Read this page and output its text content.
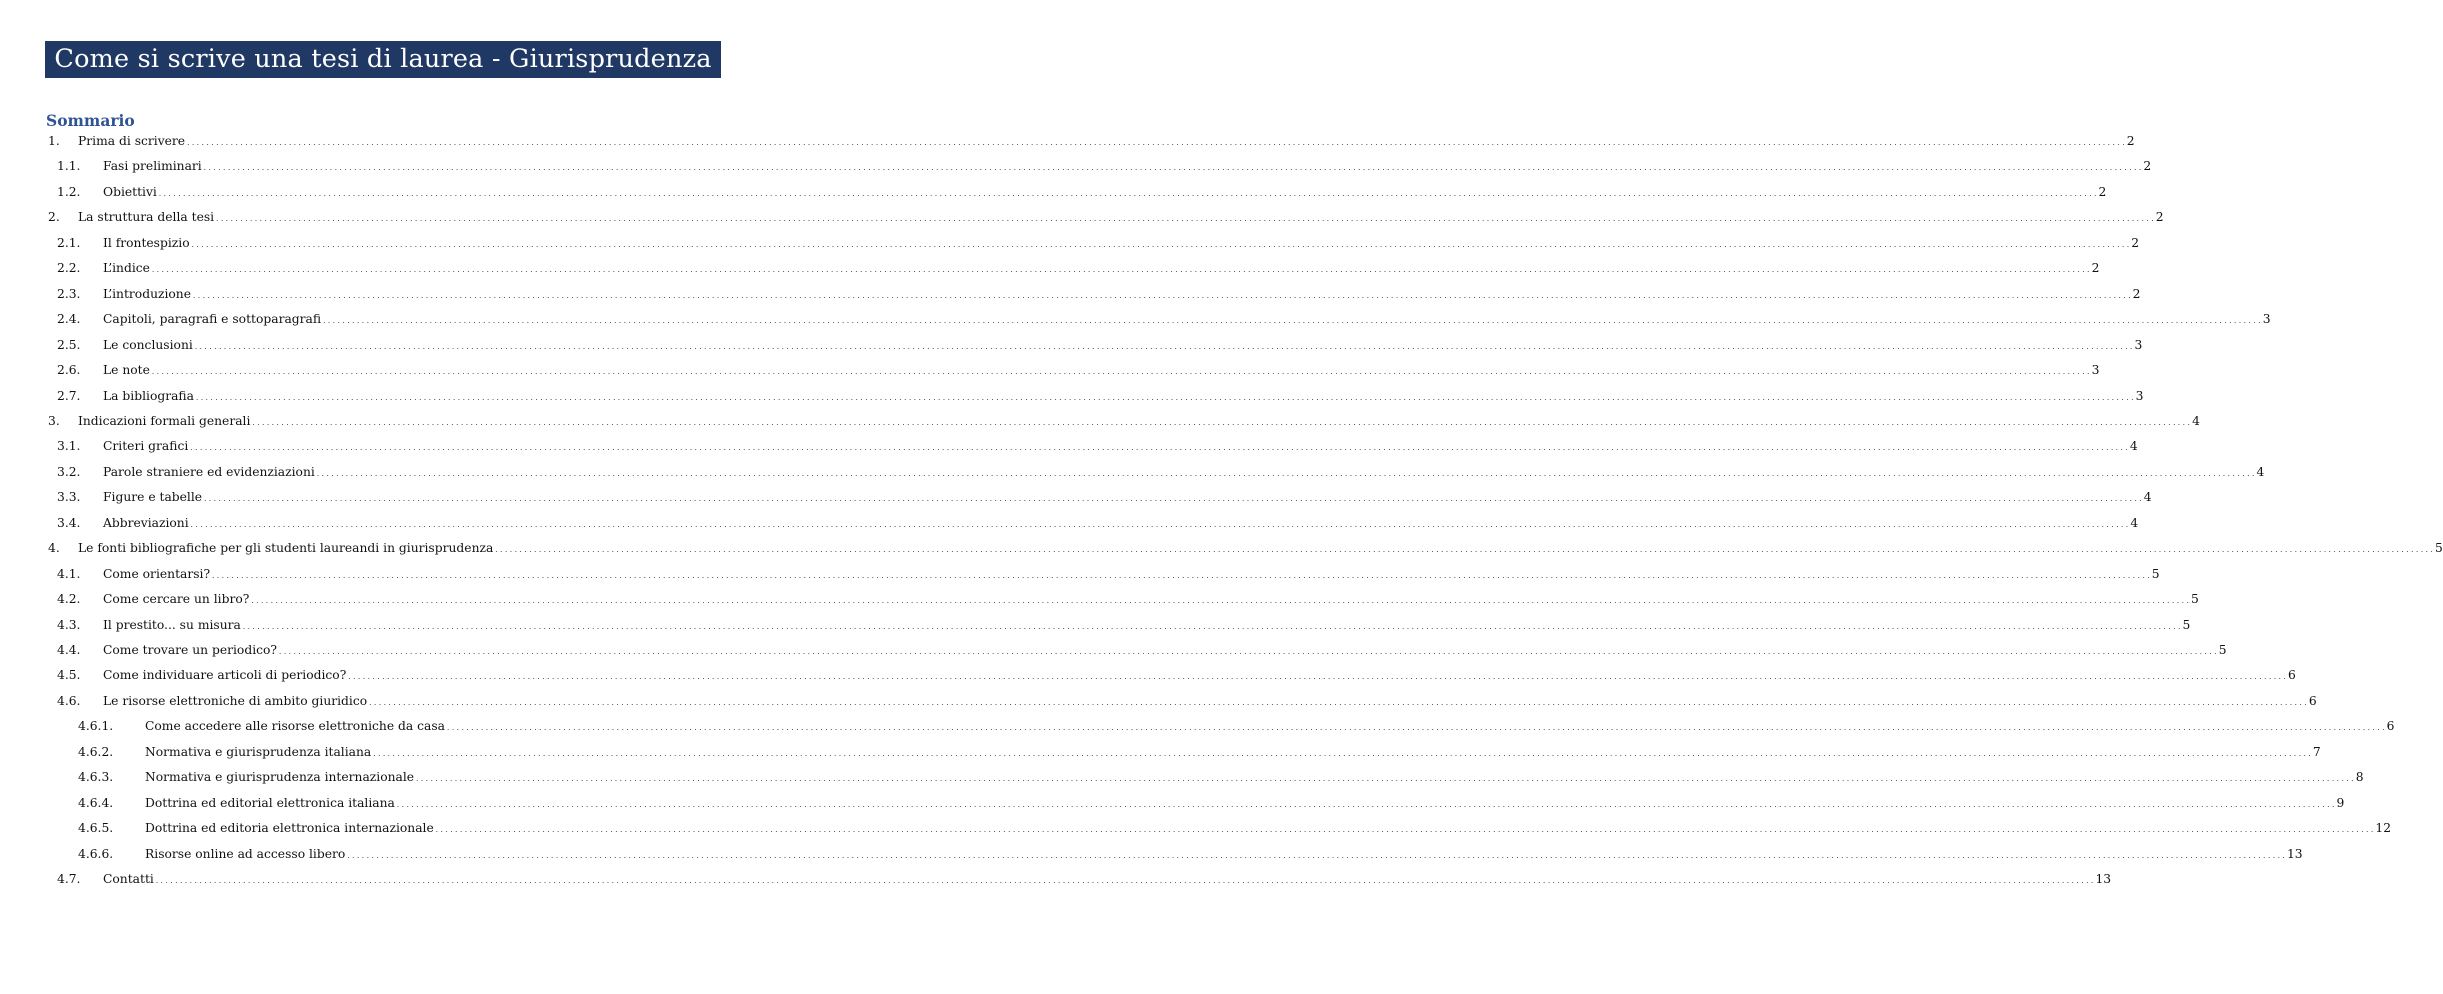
Come si scrive una tesi di laurea - Giurisprudenza
Sommario
1.	Prima di scrivere . . . . . . . . . . . . . . . . . . . . . . . . . . . . . . . . . . . . . . . . . . . . . . . . . . . . . . . . . . . . . . . . . . . . . . . . . . . . . . . . . . . . . . . . . . . . . . . . . . . . . . . . . . . . . . . . . . . . . . . . . . . . . . . . . . . . . . . . . . . . . . . . . . . . . . . . . . . . . . . . . . . . . . . . . . . . . . . . . . . . . . . . . . . . . . . . . . . . . . . . . . . . . . . . . . . . . . . . . . . . . . . . . . . . . . . . . . . . . . . . . . . . . . . . . . . . . . . . . . . . . . . . . . . . . . . . . . . . . . . . . . . . . . . . . . . . . . . . . . . . . . . . . . . . . . . . . . . . . . . . . . . . . . . . . . . . . . . . . . . . . . . . . . . . . . . . . . . . . . . . . . . . . . . . . . . . . . . . . . . . . . . . . . . . . . . . . . . . . . . . 2
1.1.	Fasi preliminari . . . . . . . . . . . . . . . . . . . . . . . . . . . . . . . . . . . . . . . . . . . . . . . . . . . . . . . . . . . . . . . . . . . . . . . . . . . . . . . . . . . . . . . . . . . . . . . . . . . . . . . . . . . . . . . . . . . . . . . . . . . . . . . . . . . . . . . . . . . . . . . . . . . . . . . . . . . . . . . . . . . . . . . . . . . . . . . . . . . . . . . . . . . . . . . . . . . . . . . . . . . . . . . . . . . . . . . . . . . . . . . . . . . . . . . . . . . . . . . . . . . . . . . . . . . . . . . . . . . . . . . . . . . . . . . . . . . . . . . . . . . . . . . . . . . . . . . . . . . . . . . . . . . . . . . . . . . . . . . . . . . . . . . . . . . . . . . . . . . . . . . . . . . . . . . . . . . . . . . . . . . . . . . . . . . . . . . . . . . . . . . . . . . . . . . . . . . . . . . . 2
1.2.	Obiettivi . . . . . . . . . . . . . . . . . . . . . . . . . . . . . . . . . . . . . . . . . . . . . . . . . . . . . . . . . . . . . . . . . . . . . . . . . . . . . . . . . . . . . . . . . . . . . . . . . . . . . . . . . . . . . . . . . . . . . . . . . . . . . . . . . . . . . . . . . . . . . . . . . . . . . . . . . . . . . . . . . . . . . . . . . . . . . . . . . . . . . . . . . . . . . . . . . . . . . . . . . . . . . . . . . . . . . . . . . . . . . . . . . . . . . . . . . . . . . . . . . . . . . . . . . . . . . . . . . . . . . . . . . . . . . . . . . . . . . . . . . . . . . . . . . . . . . . . . . . . . . . . . . . . . . . . . . . . . . . . . . . . . . . . . . . . . . . . . . . . . . . . . . . . . . . . . . . . . . . . . . . . . . . . . . . . . . . . . . . . . . . . . . . . . . . . . . . . . . . . . 2
2.	La struttura della tesi . . . . . . . . . . . . . . . . . . . . . . . . . . . . . . . . . . . . . . . . . . . . . . . . . . . . . . . . . . . . . . . . . . . . . . . . . . . . . . . . . . . . . . . . . . . . . . . . . . . . . . . . . . . . . . . . . . . . . . . . . . . . . . . . . . . . . . . . . . . . . . . . . . . . . . . . . . . . . . . . . . . . . . . . . . . . . . . . . . . . . . . . . . . . . . . . . . . . . . . . . . . . . . . . . . . . . . . . . . . . . . . . . . . . . . . . . . . . . . . . . . . . . . . . . . . . . . . . . . . . . . . . . . . . . . . . . . . . . . . . . . . . . . . . . . . . . . . . . . . . . . . . . . . . . . . . . . . . . . . . . . . . . . . . . . . . . . . . . . . . . . . . . . . . . . . . . . . . . . . . . . . . . . . . . . . . . . . . . . . . . . . . . . . . . . . . . . . . . . . . 2
2.1.	Il frontespizio . . . . . . . . . . . . . . . . . . . . . . . . . . . . . . . . . . . . . . . . . . . . . . . . . . . . . . . . . . . . . . . . . . . . . . . . . . . . . . . . . . . . . . . . . . . . . . . . . . . . . . . . . . . . . . . . . . . . . . . . . . . . . . . . . . . . . . . . . . . . . . . . . . . . . . . . . . . . . . . . . . . . . . . . . . . . . . . . . . . . . . . . . . . . . . . . . . . . . . . . . . . . . . . . . . . . . . . . . . . . . . . . . . . . . . . . . . . . . . . . . . . . . . . . . . . . . . . . . . . . . . . . . . . . . . . . . . . . . . . . . . . . . . . . . . . . . . . . . . . . . . . . . . . . . . . . . . . . . . . . . . . . . . . . . . . . . . . . . . . . . . . . . . . . . . . . . . . . . . . . . . . . . . . . . . . . . . . . . . . . . . . . . . . . . . . . . . . . . . . . 2
2.2.	L’indice . . . . . . . . . . . . . . . . . . . . . . . . . . . . . . . . . . . . . . . . . . . . . . . . . . . . . . . . . . . . . . . . . . . . . . . . . . . . . . . . . . . . . . . . . . . . . . . . . . . . . . . . . . . . . . . . . . . . . . . . . . . . . . . . . . . . . . . . . . . . . . . . . . . . . . . . . . . . . . . . . . . . . . . . . . . . . . . . . . . . . . . . . . . . . . . . . . . . . . . . . . . . . . . . . . . . . . . . . . . . . . . . . . . . . . . . . . . . . . . . . . . . . . . . . . . . . . . . . . . . . . . . . . . . . . . . . . . . . . . . . . . . . . . . . . . . . . . . . . . . . . . . . . . . . . . . . . . . . . . . . . . . . . . . . . . . . . . . . . . . . . . . . . . . . . . . . . . . . . . . . . . . . . . . . . . . . . . . . . . . . . . . . . . . . . . . . . . . . . . . 2
2.3.	L’introduzione . . . . . . . . . . . . . . . . . . . . . . . . . . . . . . . . . . . . . . . . . . . . . . . . . . . . . . . . . . . . . . . . . . . . . . . . . . . . . . . . . . . . . . . . . . . . . . . . . . . . . . . . . . . . . . . . . . . . . . . . . . . . . . . . . . . . . . . . . . . . . . . . . . . . . . . . . . . . . . . . . . . . . . . . . . . . . . . . . . . . . . . . . . . . . . . . . . . . . . . . . . . . . . . . . . . . . . . . . . . . . . . . . . . . . . . . . . . . . . . . . . . . . . . . . . . . . . . . . . . . . . . . . . . . . . . . . . . . . . . . . . . . . . . . . . . . . . . . . . . . . . . . . . . . . . . . . . . . . . . . . . . . . . . . . . . . . . . . . . . . . . . . . . . . . . . . . . . . . . . . . . . . . . . . . . . . . . . . . . . . . . . . . . . . . . . . . . . . . . . . 2
2.4.	Capitoli, paragrafi e sottoparagrafi . . . . . . . . . . . . . . . . . . . . . . . . . . . . . . . . . . . . . . . . . . . . . . . . . . . . . . . . . . . . . . . . . . . . . . . . . . . . . . . . . . . . . . . . . . . . . . . . . . . . . . . . . . . . . . . . . . . . . . . . . . . . . . . . . . . . . . . . . . . . . . . . . . . . . . . . . . . . . . . . . . . . . . . . . . . . . . . . . . . . . . . . . . . . . . . . . . . . . . . . . . . . . . . . . . . . . . . . . . . . . . . . . . . . . . . . . . . . . . . . . . . . . . . . . . . . . . . . . . . . . . . . . . . . . . . . . . . . . . . . . . . . . . . . . . . . . . . . . . . . . . . . . . . . . . . . . . . . . . . . . . . . . . . . . . . . . . . . . . . . . . . . . . . . . . . . . . . . . . . . . . . . . . . . . . . . . . . . . . . . . . . . . . . . . . . . . . . . . . . . 3
2.5.	Le conclusioni . . . . . . . . . . . . . . . . . . . . . . . . . . . . . . . . . . . . . . . . . . . . . . . . . . . . . . . . . . . . . . . . . . . . . . . . . . . . . . . . . . . . . . . . . . . . . . . . . . . . . . . . . . . . . . . . . . . . . . . . . . . . . . . . . . . . . . . . . . . . . . . . . . . . . . . . . . . . . . . . . . . . . . . . . . . . . . . . . . . . . . . . . . . . . . . . . . . . . . . . . . . . . . . . . . . . . . . . . . . . . . . . . . . . . . . . . . . . . . . . . . . . . . . . . . . . . . . . . . . . . . . . . . . . . . . . . . . . . . . . . . . . . . . . . . . . . . . . . . . . . . . . . . . . . . . . . . . . . . . . . . . . . . . . . . . . . . . . . . . . . . . . . . . . . . . . . . . . . . . . . . . . . . . . . . . . . . . . . . . . . . . . . . . . . . . . . . . . . . . . 3
2.6.	Le note . . . . . . . . . . . . . . . . . . . . . . . . . . . . . . . . . . . . . . . . . . . . . . . . . . . . . . . . . . . . . . . . . . . . . . . . . . . . . . . . . . . . . . . . . . . . . . . . . . . . . . . . . . . . . . . . . . . . . . . . . . . . . . . . . . . . . . . . . . . . . . . . . . . . . . . . . . . . . . . . . . . . . . . . . . . . . . . . . . . . . . . . . . . . . . . . . . . . . . . . . . . . . . . . . . . . . . . . . . . . . . . . . . . . . . . . . . . . . . . . . . . . . . . . . . . . . . . . . . . . . . . . . . . . . . . . . . . . . . . . . . . . . . . . . . . . . . . . . . . . . . . . . . . . . . . . . . . . . . . . . . . . . . . . . . . . . . . . . . . . . . . . . . . . . . . . . . . . . . . . . . . . . . . . . . . . . . . . . . . . . . . . . . . . . . . . . . . . . . . . 3
2.7.	La bibliografia . . . . . . . . . . . . . . . . . . . . . . . . . . . . . . . . . . . . . . . . . . . . . . . . . . . . . . . . . . . . . . . . . . . . . . . . . . . . . . . . . . . . . . . . . . . . . . . . . . . . . . . . . . . . . . . . . . . . . . . . . . . . . . . . . . . . . . . . . . . . . . . . . . . . . . . . . . . . . . . . . . . . . . . . . . . . . . . . . . . . . . . . . . . . . . . . . . . . . . . . . . . . . . . . . . . . . . . . . . . . . . . . . . . . . . . . . . . . . . . . . . . . . . . . . . . . . . . . . . . . . . . . . . . . . . . . . . . . . . . . . . . . . . . . . . . . . . . . . . . . . . . . . . . . . . . . . . . . . . . . . . . . . . . . . . . . . . . . . . . . . . . . . . . . . . . . . . . . . . . . . . . . . . . . . . . . . . . . . . . . . . . . . . . . . . . . . . . . . . . . 3
3.	Indicazioni formali generali . . . . . . . . . . . . . . . . . . . . . . . . . . . . . . . . . . . . . . . . . . . . . . . . . . . . . . . . . . . . . . . . . . . . . . . . . . . . . . . . . . . . . . . . . . . . . . . . . . . . . . . . . . . . . . . . . . . . . . . . . . . . . . . . . . . . . . . . . . . . . . . . . . . . . . . . . . . . . . . . . . . . . . . . . . . . . . . . . . . . . . . . . . . . . . . . . . . . . . . . . . . . . . . . . . . . . . . . . . . . . . . . . . . . . . . . . . . . . . . . . . . . . . . . . . . . . . . . . . . . . . . . . . . . . . . . . . . . . . . . . . . . . . . . . . . . . . . . . . . . . . . . . . . . . . . . . . . . . . . . . . . . . . . . . . . . . . . . . . . . . . . . . . . . . . . . . . . . . . . . . . . . . . . . . . . . . . . . . . . . . . . . . . . . . . . . . . . . . . . . 4
3.1.	Criteri grafici . . . . . . . . . . . . . . . . . . . . . . . . . . . . . . . . . . . . . . . . . . . . . . . . . . . . . . . . . . . . . . . . . . . . . . . . . . . . . . . . . . . . . . . . . . . . . . . . . . . . . . . . . . . . . . . . . . . . . . . . . . . . . . . . . . . . . . . . . . . . . . . . . . . . . . . . . . . . . . . . . . . . . . . . . . . . . . . . . . . . . . . . . . . . . . . . . . . . . . . . . . . . . . . . . . . . . . . . . . . . . . . . . . . . . . . . . . . . . . . . . . . . . . . . . . . . . . . . . . . . . . . . . . . . . . . . . . . . . . . . . . . . . . . . . . . . . . . . . . . . . . . . . . . . . . . . . . . . . . . . . . . . . . . . . . . . . . . . . . . . . . . . . . . . . . . . . . . . . . . . . . . . . . . . . . . . . . . . . . . . . . . . . . . . . . . . . . . . . . . . 4
3.2.	Parole straniere ed evidenziazioni . . . . . . . . . . . . . . . . . . . . . . . . . . . . . . . . . . . . . . . . . . . . . . . . . . . . . . . . . . . . . . . . . . . . . . . . . . . . . . . . . . . . . . . . . . . . . . . . . . . . . . . . . . . . . . . . . . . . . . . . . . . . . . . . . . . . . . . . . . . . . . . . . . . . . . . . . . . . . . . . . . . . . . . . . . . . . . . . . . . . . . . . . . . . . . . . . . . . . . . . . . . . . . . . . . . . . . . . . . . . . . . . . . . . . . . . . . . . . . . . . . . . . . . . . . . . . . . . . . . . . . . . . . . . . . . . . . . . . . . . . . . . . . . . . . . . . . . . . . . . . . . . . . . . . . . . . . . . . . . . . . . . . . . . . . . . . . . . . . . . . . . . . . . . . . . . . . . . . . . . . . . . . . . . . . . . . . . . . . . . . . . . . . . . . . . . . . . . . . . . 4
3.3.	Figure e tabelle . . . . . . . . . . . . . . . . . . . . . . . . . . . . . . . . . . . . . . . . . . . . . . . . . . . . . . . . . . . . . . . . . . . . . . . . . . . . . . . . . . . . . . . . . . . . . . . . . . . . . . . . . . . . . . . . . . . . . . . . . . . . . . . . . . . . . . . . . . . . . . . . . . . . . . . . . . . . . . . . . . . . . . . . . . . . . . . . . . . . . . . . . . . . . . . . . . . . . . . . . . . . . . . . . . . . . . . . . . . . . . . . . . . . . . . . . . . . . . . . . . . . . . . . . . . . . . . . . . . . . . . . . . . . . . . . . . . . . . . . . . . . . . . . . . . . . . . . . . . . . . . . . . . . . . . . . . . . . . . . . . . . . . . . . . . . . . . . . . . . . . . . . . . . . . . . . . . . . . . . . . . . . . . . . . . . . . . . . . . . . . . . . . . . . . . . . . . . . . . . 4
3.4.	Abbreviazioni . . . . . . . . . . . . . . . . . . . . . . . . . . . . . . . . . . . . . . . . . . . . . . . . . . . . . . . . . . . . . . . . . . . . . . . . . . . . . . . . . . . . . . . . . . . . . . . . . . . . . . . . . . . . . . . . . . . . . . . . . . . . . . . . . . . . . . . . . . . . . . . . . . . . . . . . . . . . . . . . . . . . . . . . . . . . . . . . . . . . . . . . . . . . . . . . . . . . . . . . . . . . . . . . . . . . . . . . . . . . . . . . . . . . . . . . . . . . . . . . . . . . . . . . . . . . . . . . . . . . . . . . . . . . . . . . . . . . . . . . . . . . . . . . . . . . . . . . . . . . . . . . . . . . . . . . . . . . . . . . . . . . . . . . . . . . . . . . . . . . . . . . . . . . . . . . . . . . . . . . . . . . . . . . . . . . . . . . . . . . . . . . . . . . . . . . . . . . . . . . 4
4.	Le fonti bibliografiche per gli studenti laureandi in giurisprudenza . . . . . . . . . . . . . . . . . . . . . . . . . . . . . . . . . . . . . . . . . . . . . . . . . . . . . . . . . . . . . . . . . . . . . . . . . . . . . . . . . . . . . . . . . . . . . . . . . . . . . . . . . . . . . . . . . . . . . . . . . . . . . . . . . . . . . . . . . . . . . . . . . . . . . . . . . . . . . . . . . . . . . . . . . . . . . . . . . . . . . . . . . . . . . . . . . . . . . . . . . . . . . . . . . . . . . . . . . . . . . . . . . . . . . . . . . . . . . . . . . . . . . . . . . . . . . . . . . . . . . . . . . . . . . . . . . . . . . . . . . . . . . . . . . . . . . . . . . . . . . . . . . . . . . . . . . . . . . . . . . . . . . . . . . . . . . . . . . . . . . . . . . . . . . . . . . . . . . . . . . . . . . . . . . . . . . . . . . . . . . . . . . . . . . . . . . . . . . . . . 5
4.1.	Come orientarsi? . . . . . . . . . . . . . . . . . . . . . . . . . . . . . . . . . . . . . . . . . . . . . . . . . . . . . . . . . . . . . . . . . . . . . . . . . . . . . . . . . . . . . . . . . . . . . . . . . . . . . . . . . . . . . . . . . . . . . . . . . . . . . . . . . . . . . . . . . . . . . . . . . . . . . . . . . . . . . . . . . . . . . . . . . . . . . . . . . . . . . . . . . . . . . . . . . . . . . . . . . . . . . . . . . . . . . . . . . . . . . . . . . . . . . . . . . . . . . . . . . . . . . . . . . . . . . . . . . . . . . . . . . . . . . . . . . . . . . . . . . . . . . . . . . . . . . . . . . . . . . . . . . . . . . . . . . . . . . . . . . . . . . . . . . . . . . . . . . . . . . . . . . . . . . . . . . . . . . . . . . . . . . . . . . . . . . . . . . . . . . . . . . . . . . . . . . . . . . . . . 5
4.2.	Come cercare un libro? . . . . . . . . . . . . . . . . . . . . . . . . . . . . . . . . . . . . . . . . . . . . . . . . . . . . . . . . . . . . . . . . . . . . . . . . . . . . . . . . . . . . . . . . . . . . . . . . . . . . . . . . . . . . . . . . . . . . . . . . . . . . . . . . . . . . . . . . . . . . . . . . . . . . . . . . . . . . . . . . . . . . . . . . . . . . . . . . . . . . . . . . . . . . . . . . . . . . . . . . . . . . . . . . . . . . . . . . . . . . . . . . . . . . . . . . . . . . . . . . . . . . . . . . . . . . . . . . . . . . . . . . . . . . . . . . . . . . . . . . . . . . . . . . . . . . . . . . . . . . . . . . . . . . . . . . . . . . . . . . . . . . . . . . . . . . . . . . . . . . . . . . . . . . . . . . . . . . . . . . . . . . . . . . . . . . . . . . . . . . . . . . . . . . . . . . . . . . . . . . 5
4.3.	Il prestito... su misura . . . . . . . . . . . . . . . . . . . . . . . . . . . . . . . . . . . . . . . . . . . . . . . . . . . . . . . . . . . . . . . . . . . . . . . . . . . . . . . . . . . . . . . . . . . . . . . . . . . . . . . . . . . . . . . . . . . . . . . . . . . . . . . . . . . . . . . . . . . . . . . . . . . . . . . . . . . . . . . . . . . . . . . . . . . . . . . . . . . . . . . . . . . . . . . . . . . . . . . . . . . . . . . . . . . . . . . . . . . . . . . . . . . . . . . . . . . . . . . . . . . . . . . . . . . . . . . . . . . . . . . . . . . . . . . . . . . . . . . . . . . . . . . . . . . . . . . . . . . . . . . . . . . . . . . . . . . . . . . . . . . . . . . . . . . . . . . . . . . . . . . . . . . . . . . . . . . . . . . . . . . . . . . . . . . . . . . . . . . . . . . . . . . . . . . . . . . . . . . . 5
4.4.	Come trovare un periodico? . . . . . . . . . . . . . . . . . . . . . . . . . . . . . . . . . . . . . . . . . . . . . . . . . . . . . . . . . . . . . . . . . . . . . . . . . . . . . . . . . . . . . . . . . . . . . . . . . . . . . . . . . . . . . . . . . . . . . . . . . . . . . . . . . . . . . . . . . . . . . . . . . . . . . . . . . . . . . . . . . . . . . . . . . . . . . . . . . . . . . . . . . . . . . . . . . . . . . . . . . . . . . . . . . . . . . . . . . . . . . . . . . . . . . . . . . . . . . . . . . . . . . . . . . . . . . . . . . . . . . . . . . . . . . . . . . . . . . . . . . . . . . . . . . . . . . . . . . . . . . . . . . . . . . . . . . . . . . . . . . . . . . . . . . . . . . . . . . . . . . . . . . . . . . . . . . . . . . . . . . . . . . . . . . . . . . . . . . . . . . . . . . . . . . . . . . . . . . . . . 5
4.5.	Come individuare articoli di periodico? . . . . . . . . . . . . . . . . . . . . . . . . . . . . . . . . . . . . . . . . . . . . . . . . . . . . . . . . . . . . . . . . . . . . . . . . . . . . . . . . . . . . . . . . . . . . . . . . . . . . . . . . . . . . . . . . . . . . . . . . . . . . . . . . . . . . . . . . . . . . . . . . . . . . . . . . . . . . . . . . . . . . . . . . . . . . . . . . . . . . . . . . . . . . . . . . . . . . . . . . . . . . . . . . . . . . . . . . . . . . . . . . . . . . . . . . . . . . . . . . . . . . . . . . . . . . . . . . . . . . . . . . . . . . . . . . . . . . . . . . . . . . . . . . . . . . . . . . . . . . . . . . . . . . . . . . . . . . . . . . . . . . . . . . . . . . . . . . . . . . . . . . . . . . . . . . . . . . . . . . . . . . . . . . . . . . . . . . . . . . . . . . . . . . . . . . . . . . . . . . 6
4.6.	Le risorse elettroniche di ambito giuridico . . . . . . . . . . . . . . . . . . . . . . . . . . . . . . . . . . . . . . . . . . . . . . . . . . . . . . . . . . . . . . . . . . . . . . . . . . . . . . . . . . . . . . . . . . . . . . . . . . . . . . . . . . . . . . . . . . . . . . . . . . . . . . . . . . . . . . . . . . . . . . . . . . . . . . . . . . . . . . . . . . . . . . . . . . . . . . . . . . . . . . . . . . . . . . . . . . . . . . . . . . . . . . . . . . . . . . . . . . . . . . . . . . . . . . . . . . . . . . . . . . . . . . . . . . . . . . . . . . . . . . . . . . . . . . . . . . . . . . . . . . . . . . . . . . . . . . . . . . . . . . . . . . . . . . . . . . . . . . . . . . . . . . . . . . . . . . . . . . . . . . . . . . . . . . . . . . . . . . . . . . . . . . . . . . . . . . . . . . . . . . . . . . . . . . . . . . . . . . . . 6
4.6.1.	Come accedere alle risorse elettroniche da casa . . . . . . . . . . . . . . . . . . . . . . . . . . . . . . . . . . . . . . . . . . . . . . . . . . . . . . . . . . . . . . . . . . . . . . . . . . . . . . . . . . . . . . . . . . . . . . . . . . . . . . . . . . . . . . . . . . . . . . . . . . . . . . . . . . . . . . . . . . . . . . . . . . . . . . . . . . . . . . . . . . . . . . . . . . . . . . . . . . . . . . . . . . . . . . . . . . . . . . . . . . . . . . . . . . . . . . . . . . . . . . . . . . . . . . . . . . . . . . . . . . . . . . . . . . . . . . . . . . . . . . . . . . . . . . . . . . . . . . . . . . . . . . . . . . . . . . . . . . . . . . . . . . . . . . . . . . . . . . . . . . . . . . . . . . . . . . . . . . . . . . . . . . . . . . . . . . . . . . . . . . . . . . . . . . . . . . . . . . . . . . . . . . . . . . . . . . . . . . . . 6
4.6.2.	Normativa e giurisprudenza italiana . . . . . . . . . . . . . . . . . . . . . . . . . . . . . . . . . . . . . . . . . . . . . . . . . . . . . . . . . . . . . . . . . . . . . . . . . . . . . . . . . . . . . . . . . . . . . . . . . . . . . . . . . . . . . . . . . . . . . . . . . . . . . . . . . . . . . . . . . . . . . . . . . . . . . . . . . . . . . . . . . . . . . . . . . . . . . . . . . . . . . . . . . . . . . . . . . . . . . . . . . . . . . . . . . . . . . . . . . . . . . . . . . . . . . . . . . . . . . . . . . . . . . . . . . . . . . . . . . . . . . . . . . . . . . . . . . . . . . . . . . . . . . . . . . . . . . . . . . . . . . . . . . . . . . . . . . . . . . . . . . . . . . . . . . . . . . . . . . . . . . . . . . . . . . . . . . . . . . . . . . . . . . . . . . . . . . . . . . . . . . . . . . . . . . . . . . . . . . . . . 7
4.6.3.	Normativa e giurisprudenza internazionale . . . . . . . . . . . . . . . . . . . . . . . . . . . . . . . . . . . . . . . . . . . . . . . . . . . . . . . . . . . . . . . . . . . . . . . . . . . . . . . . . . . . . . . . . . . . . . . . . . . . . . . . . . . . . . . . . . . . . . . . . . . . . . . . . . . . . . . . . . . . . . . . . . . . . . . . . . . . . . . . . . . . . . . . . . . . . . . . . . . . . . . . . . . . . . . . . . . . . . . . . . . . . . . . . . . . . . . . . . . . . . . . . . . . . . . . . . . . . . . . . . . . . . . . . . . . . . . . . . . . . . . . . . . . . . . . . . . . . . . . . . . . . . . . . . . . . . . . . . . . . . . . . . . . . . . . . . . . . . . . . . . . . . . . . . . . . . . . . . . . . . . . . . . . . . . . . . . . . . . . . . . . . . . . . . . . . . . . . . . . . . . . . . . . . . . . . . . . . . . . 8
4.6.4.	Dottrina ed editorial elettronica italiana . . . . . . . . . . . . . . . . . . . . . . . . . . . . . . . . . . . . . . . . . . . . . . . . . . . . . . . . . . . . . . . . . . . . . . . . . . . . . . . . . . . . . . . . . . . . . . . . . . . . . . . . . . . . . . . . . . . . . . . . . . . . . . . . . . . . . . . . . . . . . . . . . . . . . . . . . . . . . . . . . . . . . . . . . . . . . . . . . . . . . . . . . . . . . . . . . . . . . . . . . . . . . . . . . . . . . . . . . . . . . . . . . . . . . . . . . . . . . . . . . . . . . . . . . . . . . . . . . . . . . . . . . . . . . . . . . . . . . . . . . . . . . . . . . . . . . . . . . . . . . . . . . . . . . . . . . . . . . . . . . . . . . . . . . . . . . . . . . . . . . . . . . . . . . . . . . . . . . . . . . . . . . . . . . . . . . . . . . . . . . . . . . . . . . . . . . . . . . . . . 9
4.6.5.	Dottrina ed editoria elettronica internazionale . . . . . . . . . . . . . . . . . . . . . . . . . . . . . . . . . . . . . . . . . . . . . . . . . . . . . . . . . . . . . . . . . . . . . . . . . . . . . . . . . . . . . . . . . . . . . . . . . . . . . . . . . . . . . . . . . . . . . . . . . . . . . . . . . . . . . . . . . . . . . . . . . . . . . . . . . . . . . . . . . . . . . . . . . . . . . . . . . . . . . . . . . . . . . . . . . . . . . . . . . . . . . . . . . . . . . . . . . . . . . . . . . . . . . . . . . . . . . . . . . . . . . . . . . . . . . . . . . . . . . . . . . . . . . . . . . . . . . . . . . . . . . . . . . . . . . . . . . . . . . . . . . . . . . . . . . . . . . . . . . . . . . . . . . . . . . . . . . . . . . . . . . . . . . . . . . . . . . . . . . . . . . . . . . . . . . . . . . . . . . . . . . . . . . . . . . . . . . . . . 12
4.6.6.	Risorse online ad accesso libero . . . . . . . . . . . . . . . . . . . . . . . . . . . . . . . . . . . . . . . . . . . . . . . . . . . . . . . . . . . . . . . . . . . . . . . . . . . . . . . . . . . . . . . . . . . . . . . . . . . . . . . . . . . . . . . . . . . . . . . . . . . . . . . . . . . . . . . . . . . . . . . . . . . . . . . . . . . . . . . . . . . . . . . . . . . . . . . . . . . . . . . . . . . . . . . . . . . . . . . . . . . . . . . . . . . . . . . . . . . . . . . . . . . . . . . . . . . . . . . . . . . . . . . . . . . . . . . . . . . . . . . . . . . . . . . . . . . . . . . . . . . . . . . . . . . . . . . . . . . . . . . . . . . . . . . . . . . . . . . . . . . . . . . . . . . . . . . . . . . . . . . . . . . . . . . . . . . . . . . . . . . . . . . . . . . . . . . . . . . . . . . . . . . . . . . . . . . . . . . . 13
4.7.	Contatti . . . . . . . . . . . . . . . . . . . . . . . . . . . . . . . . . . . . . . . . . . . . . . . . . . . . . . . . . . . . . . . . . . . . . . . . . . . . . . . . . . . . . . . . . . . . . . . . . . . . . . . . . . . . . . . . . . . . . . . . . . . . . . . . . . . . . . . . . . . . . . . . . . . . . . . . . . . . . . . . . . . . . . . . . . . . . . . . . . . . . . . . . . . . . . . . . . . . . . . . . . . . . . . . . . . . . . . . . . . . . . . . . . . . . . . . . . . . . . . . . . . . . . . . . . . . . . . . . . . . . . . . . . . . . . . . . . . . . . . . . . . . . . . . . . . . . . . . . . . . . . . . . . . . . . . . . . . . . . . . . . . . . . . . . . . . . . . . . . . . . . . . . . . . . . . . . . . . . . . . . . . . . . . . . . . . . . . . . . . . . . . . . . . . . . . . . . . . . . . . 13
